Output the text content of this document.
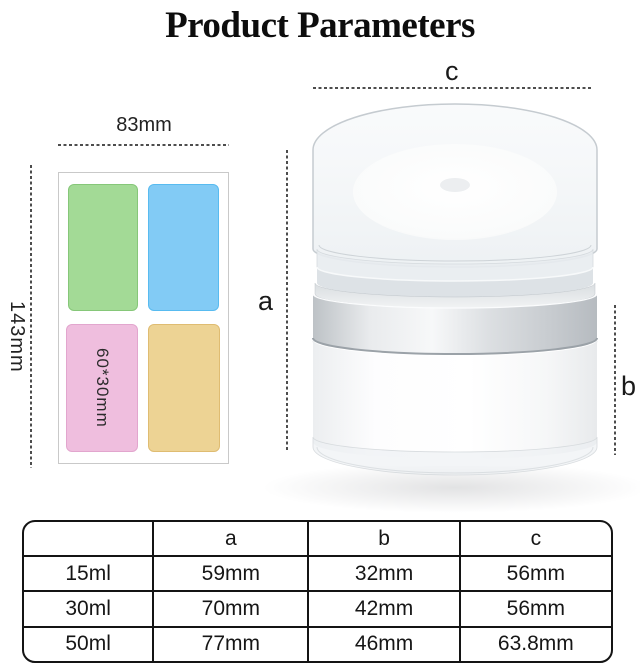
Product Parameters
83mm
143mm
60*30mm
c
a
b
	a	b	c
15ml	59mm	32mm	56mm
30ml	70mm	42mm	56mm
50ml	77mm	46mm	63.8mm
